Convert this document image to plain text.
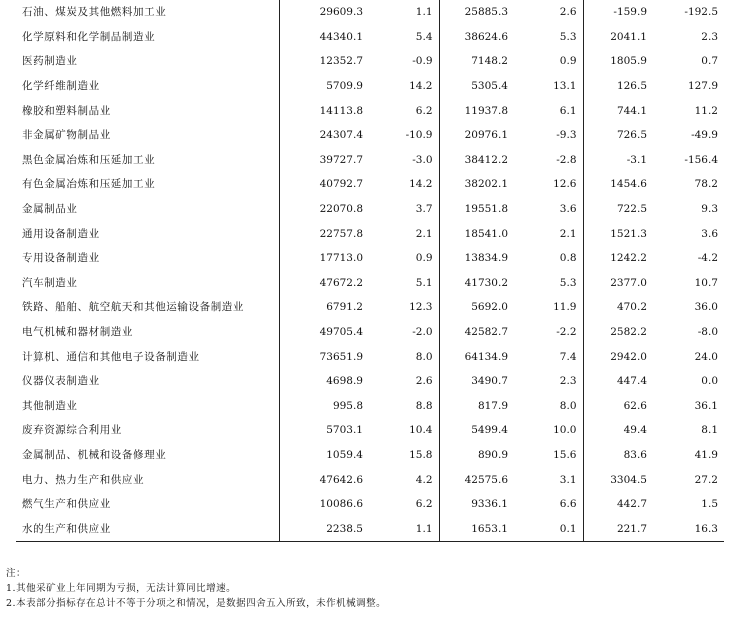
石油、煤炭及其他燃料加工业	29609.3	1.1	25885.3	2.6	-159.9	-192.5
化学原料和化学制品制造业	44340.1	5.4	38624.6	5.3	2041.1	2.3
医药制造业	12352.7	-0.9	7148.2	0.9	1805.9	0.7
化学纤维制造业	5709.9	14.2	5305.4	13.1	126.5	127.9
橡胶和塑料制品业	14113.8	6.2	11937.8	6.1	744.1	11.2
非金属矿物制品业	24307.4	-10.9	20976.1	-9.3	726.5	-49.9
黑色金属冶炼和压延加工业	39727.7	-3.0	38412.2	-2.8	-3.1	-156.4
有色金属冶炼和压延加工业	40792.7	14.2	38202.1	12.6	1454.6	78.2
金属制品业	22070.8	3.7	19551.8	3.6	722.5	9.3
通用设备制造业	22757.8	2.1	18541.0	2.1	1521.3	3.6
专用设备制造业	17713.0	0.9	13834.9	0.8	1242.2	-4.2
汽车制造业	47672.2	5.1	41730.2	5.3	2377.0	10.7
铁路、船舶、航空航天和其他运输设备制造业	6791.2	12.3	5692.0	11.9	470.2	36.0
电气机械和器材制造业	49705.4	-2.0	42582.7	-2.2	2582.2	-8.0
计算机、通信和其他电子设备制造业	73651.9	8.0	64134.9	7.4	2942.0	24.0
仪器仪表制造业	4698.9	2.6	3490.7	2.3	447.4	0.0
其他制造业	995.8	8.8	817.9	8.0	62.6	36.1
废弃资源综合利用业	5703.1	10.4	5499.4	10.0	49.4	8.1
金属制品、机械和设备修理业	1059.4	15.8	890.9	15.6	83.6	41.9
电力、热力生产和供应业	47642.6	4.2	42575.6	3.1	3304.5	27.2
燃气生产和供应业	10086.6	6.2	9336.1	6.6	442.7	1.5
水的生产和供应业	2238.5	1.1	1653.1	0.1	221.7	16.3
注：
1.其他采矿业上年同期为亏损，无法计算同比增速。
2.本表部分指标存在总计不等于分项之和情况，是数据四舍五入所致，未作机械调整。
